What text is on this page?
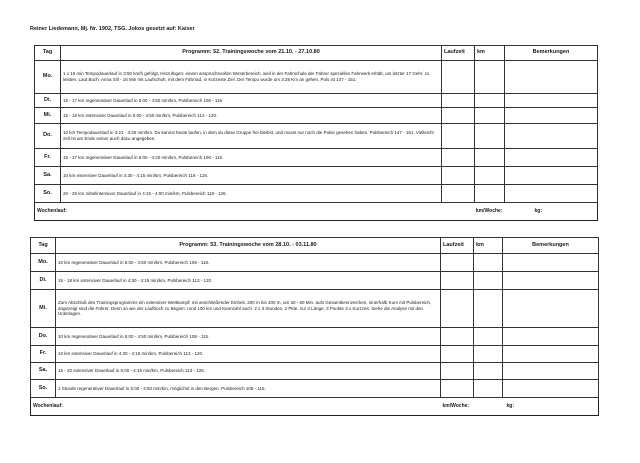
Reiner Liedemann, Mj. Nr. 1902, TSG. Jokos gesetzt auf: Kaiser
Tag	Programm: 52. Trainingswoche vom 21.10. - 27.10.80	Laufzeit	km	Bemerkungen
Mo.	1 x 15 min Tempodauerlauf in 3:50 km/h gefolgt, Hinzufügen: einem anspruchsvollen Winterbereich, weil in der Fahrschule der Fahrer spezielles Fahrwerk erhält, um letzter 17 Gehr. zu leisten. Laut Buch: Anna Sill - 16 Min mit Laufschuh, mit dem Fahrrad, in Kürzeste Ziel. Der Tempo wurde um 3:25 Km an gehen. Puls ist 147 - 151.			
Di.	15 - 17 km regenerativer Dauerlauf in 5:00 - 4:50 min/km, Pulsbereich 108 - 115.			
Mi.	15 - 18 km extensiver Dauerlauf in 5:00 - 4:50 min/km, Pulsbereich 113 - 120.			
Do.	10 km Tempodauerlauf in 3:21 - 3:25 min/km. Du kannst heute laufen, in dem du diese Gruppe frei bleibst, und musst nur noch die Pulse gesehen haben. Pulsbereich 147 - 151. Vielleicht zeit ist am Ende seiner auch dazu angegeben.			
Fr.	15 - 17 km regenerativer Dauerlauf in 5:00 - 4:20 min/km, Pulsbereich 108 - 115.			
Sa.	10 km extensiver Dauerlauf in 4:30 - 4:15 min/km, Pulsbereich 118 - 125.			
So.	20 - 25 km mittelintensiver Dauerlauf in 4:15 - 4:00 min/km, Pulsbereich 118 - 126.			
Wochenlauf:		km/Woche:		kg:
Tag	Programm: 53. Trainingswoche vom 28.10. - 03.11.80	Laufzeit	km	Bemerkungen
Mo.	10 km regenerativer Dauerlauf in 5:00 - 4:50 min/km, Pulsbereich 108 - 118.			
Di.	15 - 18 km extensiver Dauerlauf in 4:30 - 4:15 min/km, Pulsbereich 113 - 120.			
Mi.	Zum Abschluß des Trainingsprogramms ein extensiver Wettkampf: mit anschließender Einheit, 200 m bis 400 m, um 30 - 60 Min. aufs Gesamtkennzeichen, innerhalb Kurs mit Pulsbereich, angezeigt sind die Fahrer. Denn so wie der Laufbuch zu Beginn: rund 100 km und Kennzahl auch. 2 x 3 Stunden, 2 Pkte. zur 3 Länge, 3 Punkte 3 x Kurzzeit. Siehe die Analyse mit den Unterlagen.			
Do.	10 km regenerativer Dauerlauf in 5:00 - 4:50 min/km, Pulsbereich 108 - 115.			
Fr.	10 km extensiver Dauerlauf in 4:30 - 4:15 min/km, Pulsbereich 113 - 120.			
Sa.	15 - 20 extensiver Dauerlauf in 5:00 - 4:15 min/km, Pulsbereich 113 - 125.			
So.	1 Stunde regenerativer Dauerlauf in 5:00 - 4:50 min/km, möglichst in den Bergen. Pulsbereich 108 - 115.			
Wochenlauf:		km/Woche:		kg:
